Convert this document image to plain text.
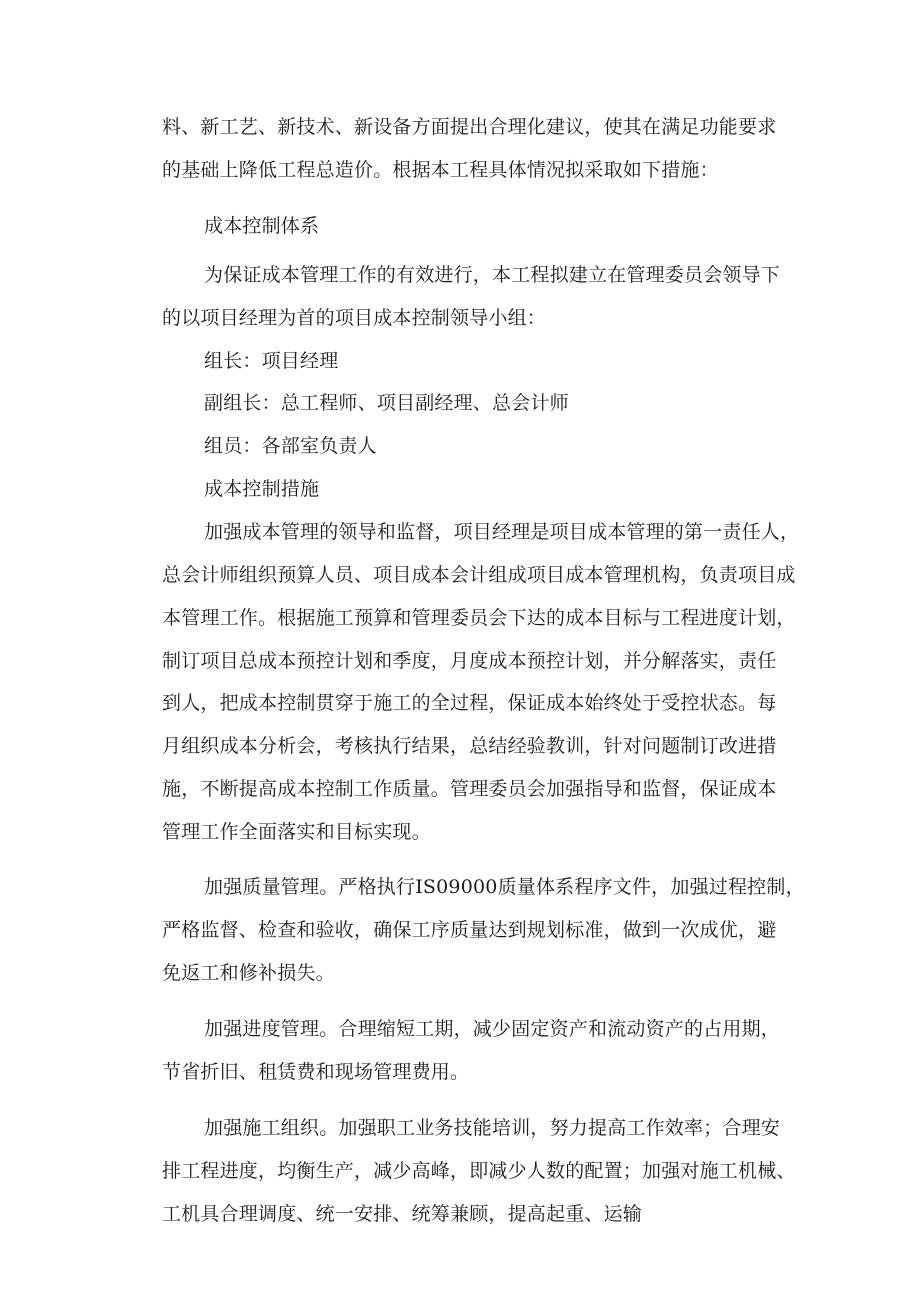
料、新工艺、新技术、新设备方面提出合理化建议，使其在满足功能要求
的基础上降低工程总造价。根据本工程具体情况拟采取如下措施：
成本控制体系
为保证成本管理工作的有效进行，本工程拟建立在管理委员会领导下
的以项目经理为首的项目成本控制领导小组：
组长：项目经理
副组长：总工程师、项目副经理、总会计师
组员：各部室负责人
成本控制措施
加强成本管理的领导和监督，项目经理是项目成本管理的第一责任人，
总会计师组织预算人员、项目成本会计组成项目成本管理机构，负责项目成
本管理工作。根据施工预算和管理委员会下达的成本目标与工程进度计划，
制订项目总成本预控计划和季度，月度成本预控计划，并分解落实，责任
到人，把成本控制贯穿于施工的全过程，保证成本始终处于受控状态。每
月组织成本分析会，考核执行结果，总结经验教训，针对问题制订改进措
施，不断提高成本控制工作质量。管理委员会加强指导和监督，保证成本
管理工作全面落实和目标实现。
加强质量管理。严格执行IS09000质量体系程序文件，加强过程控制，
严格监督、检查和验收，确保工序质量达到规划标准，做到一次成优，避
免返工和修补损失。
加强进度管理。合理缩短工期，减少固定资产和流动资产的占用期，
节省折旧、租赁费和现场管理费用。
加强施工组织。加强职工业务技能培训，努力提高工作效率；合理安
排工程进度，均衡生产，减少高峰，即减少人数的配置；加强对施工机械、
工机具合理调度、统一安排、统筹兼顾，提高起重、运输
